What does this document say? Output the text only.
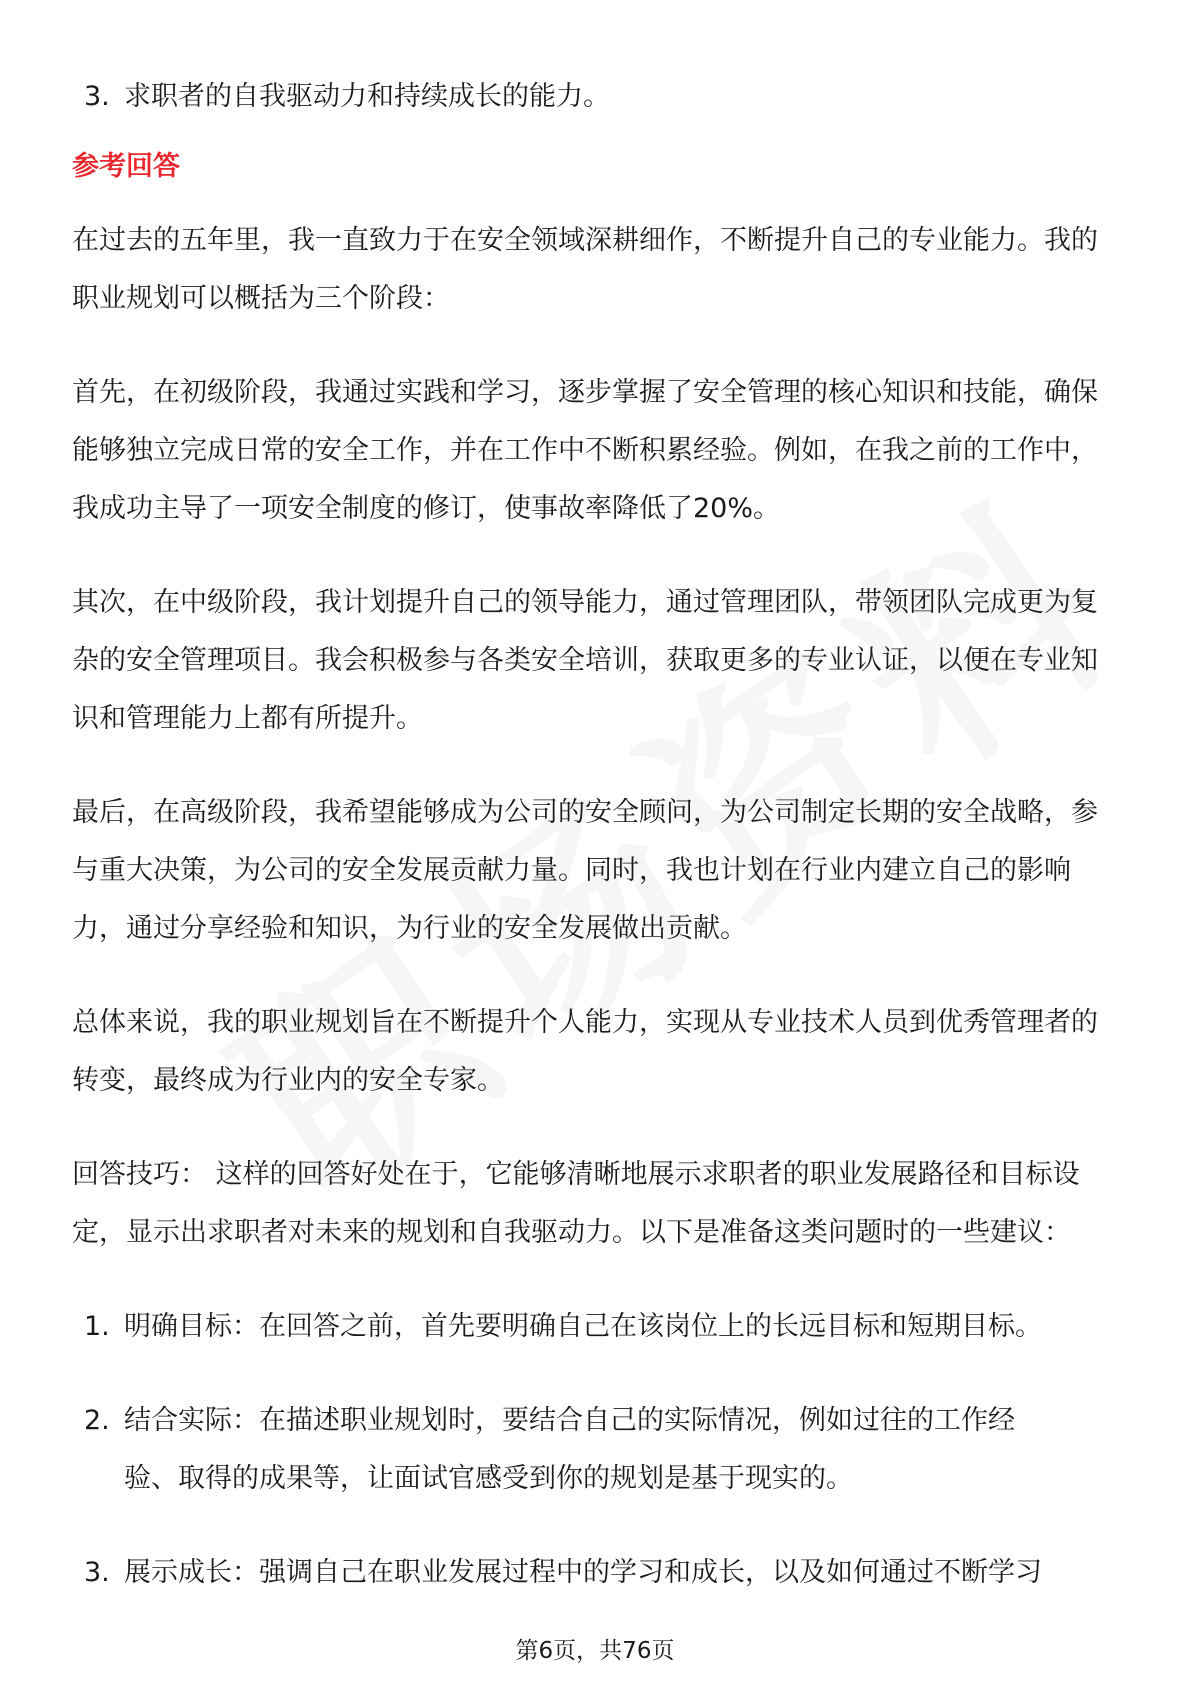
3. 求职者的自我驱动力和持续成长的能力。
参考回答

在过去的五年里，我一直致力于在安全领域深耕细作，不断提升自己的专业能力。我的职业规划可以概括为三个阶段：

首先，在初级阶段，我通过实践和学习，逐步掌握了安全管理的核心知识和技能，确保能够独立完成日常的安全工作，并在工作中不断积累经验。例如，在我之前的工作中，我成功主导了一项安全制度的修订，使事故率降低了20%。

其次，在中级阶段，我计划提升自己的领导能力，通过管理团队，带领团队完成更为复杂的安全管理项目。我会积极参与各类安全培训，获取更多的专业认证，以便在专业知识和管理能力上都有所提升。

最后，在高级阶段，我希望能够成为公司的安全顾问，为公司制定长期的安全战略，参与重大决策，为公司的安全发展贡献力量。同时，我也计划在行业内建立自己的影响力，通过分享经验和知识，为行业的安全发展做出贡献。

总体来说，我的职业规划旨在不断提升个人能力，实现从专业技术人员到优秀管理者的转变，最终成为行业内的安全专家。

回答技巧： 这样的回答好处在于，它能够清晰地展示求职者的职业发展路径和目标设定，显示出求职者对未来的规划和自我驱动力。以下是准备这类问题时的一些建议：

1. 明确目标：在回答之前，首先要明确自己在该岗位上的长远目标和短期目标。
2. 结合实际：在描述职业规划时，要结合自己的实际情况，例如过往的工作经验、取得的成果等，让面试官感受到你的规划是基于现实的。
3. 展示成长：强调自己在职业发展过程中的学习和成长，以及如何通过不断学习
第6页，共76页
